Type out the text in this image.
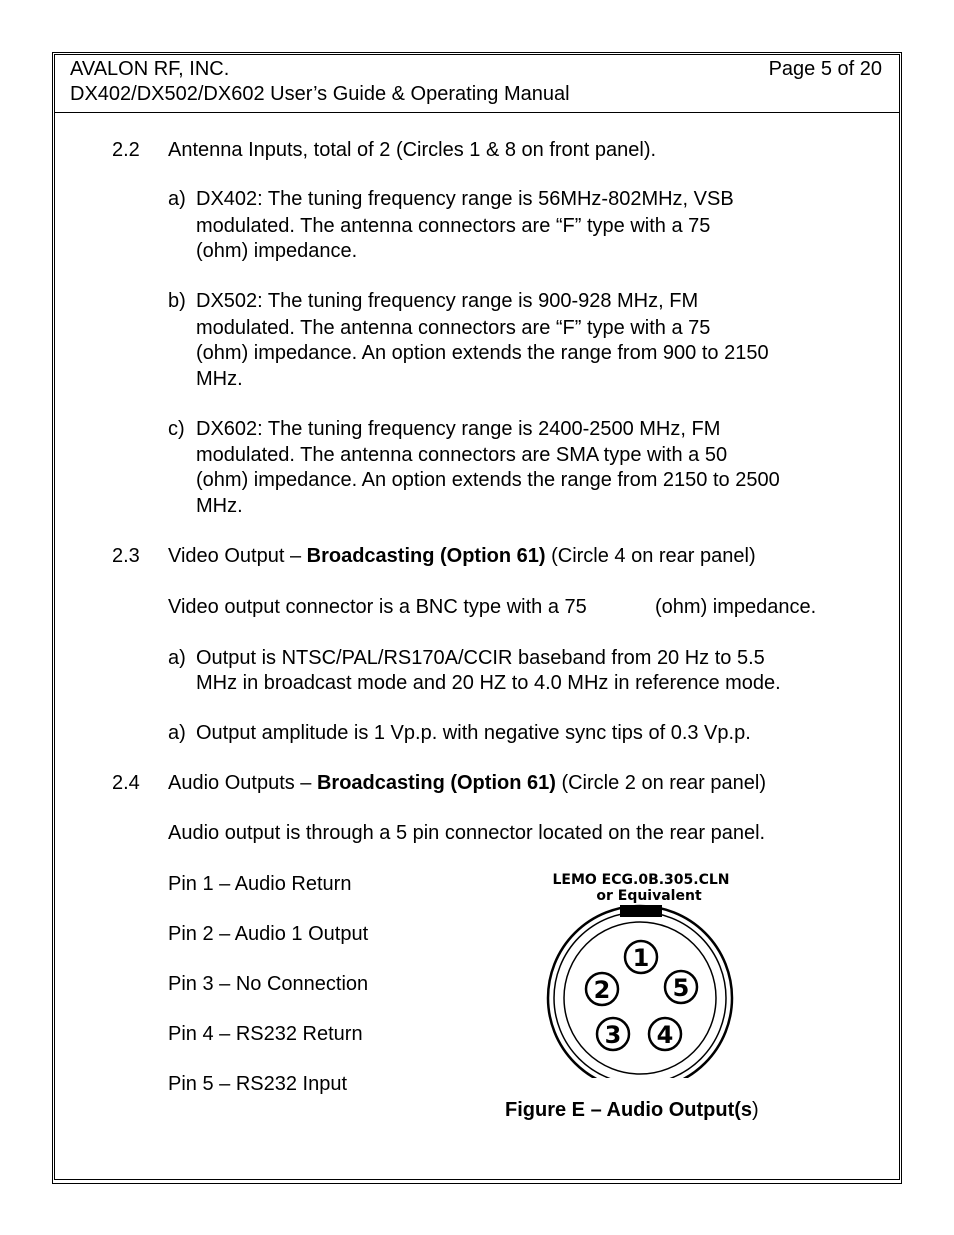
AVALON RF, INC.	Page 5 of 20
DX402/DX502/DX602 User’s Guide & Operating Manual
2.2 Antenna Inputs, total of 2 (Circles 1 & 8 on front panel).
a) DX402: The tuning frequency range is 56MHz-802MHz, VSB
modulated. The antenna connectors are “F” type with a 75
(ohm) impedance.
b) DX502: The tuning frequency range is 900-928 MHz, FM
modulated. The antenna connectors are “F” type with a 75
(ohm) impedance. An option extends the range from 900 to 2150
MHz.
c) DX602: The tuning frequency range is 2400-2500 MHz, FM
modulated. The antenna connectors are SMA type with a 50
(ohm) impedance. An option extends the range from 2150 to 2500
MHz.
2.3 Video Output – Broadcasting (Option 61) (Circle 4 on rear panel)
Video output connector is a BNC type with a 75	(ohm) impedance.
a) Output is NTSC/PAL/RS170A/CCIR baseband from 20 Hz to 5.5
MHz in broadcast mode and 20 HZ to 4.0 MHz in reference mode.
a) Output amplitude is 1 Vp.p. with negative sync tips of 0.3 Vp.p.
2.4 Audio Outputs – Broadcasting (Option 61) (Circle 2 on rear panel)
Audio output is through a 5 pin connector located on the rear panel.
Pin 1 – Audio Return
Pin 2 – Audio 1 Output
Pin 3 – No Connection
Pin 4 – RS232 Return
Pin 5 – RS232 Input
LEMO ECG.0B.305.CLN
or Equivalent
1
2
3 4
5
Figure E – Audio Output(s)
